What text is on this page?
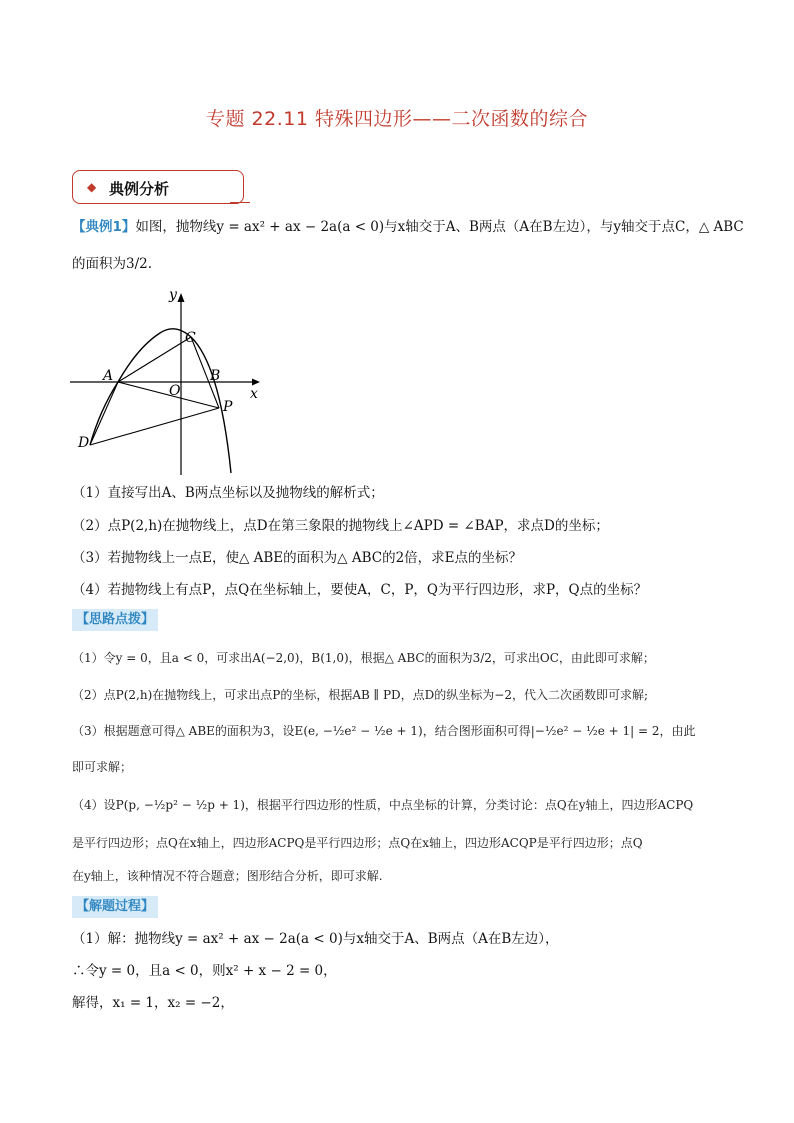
专题 22.11 特殊四边形——二次函数的综合
◆ 典例分析
【典例1】如图，抛物线y = ax² + ax − 2a(a < 0)与x轴交于A、B两点（A在B左边），与y轴交于点C，△ ABC
的面积为3/2.
y
x
A
O
B
C
P
D
（1）直接写出A、B两点坐标以及抛物线的解析式；
（2）点P(2,h)在抛物线上，点D在第三象限的抛物线上∠APD = ∠BAP，求点D的坐标；
（3）若抛物线上一点E，使△ ABE的面积为△ ABC的2倍，求E点的坐标？
（4）若抛物线上有点P，点Q在坐标轴上，要使A，C，P，Q为平行四边形，求P，Q点的坐标？
【思路点拨】
（1）令y = 0，且a < 0，可求出A(−2,0)，B(1,0)，根据△ ABC的面积为3/2，可求出OC，由此即可求解；
（2）点P(2,h)在抛物线上，可求出点P的坐标，根据AB ∥ PD，点D的纵坐标为−2，代入二次函数即可求解;
（3）根据题意可得△ ABE的面积为3，设E(e, −½e² − ½e + 1)，结合图形面积可得|−½e² − ½e + 1| = 2，由此
即可求解；
（4）设P(p, −½p² − ½p + 1)，根据平行四边形的性质，中点坐标的计算，分类讨论：点Q在y轴上，四边形ACPQ
是平行四边形；点Q在x轴上，四边形ACPQ是平行四边形；点Q在x轴上，四边形ACQP是平行四边形；点Q
在y轴上，该种情况不符合题意；图形结合分析，即可求解.
【解题过程】
（1）解：抛物线y = ax² + ax − 2a(a < 0)与x轴交于A、B两点（A在B左边），
∴令y = 0，且a < 0，则x² + x − 2 = 0，
解得，x₁ = 1，x₂ = −2，
